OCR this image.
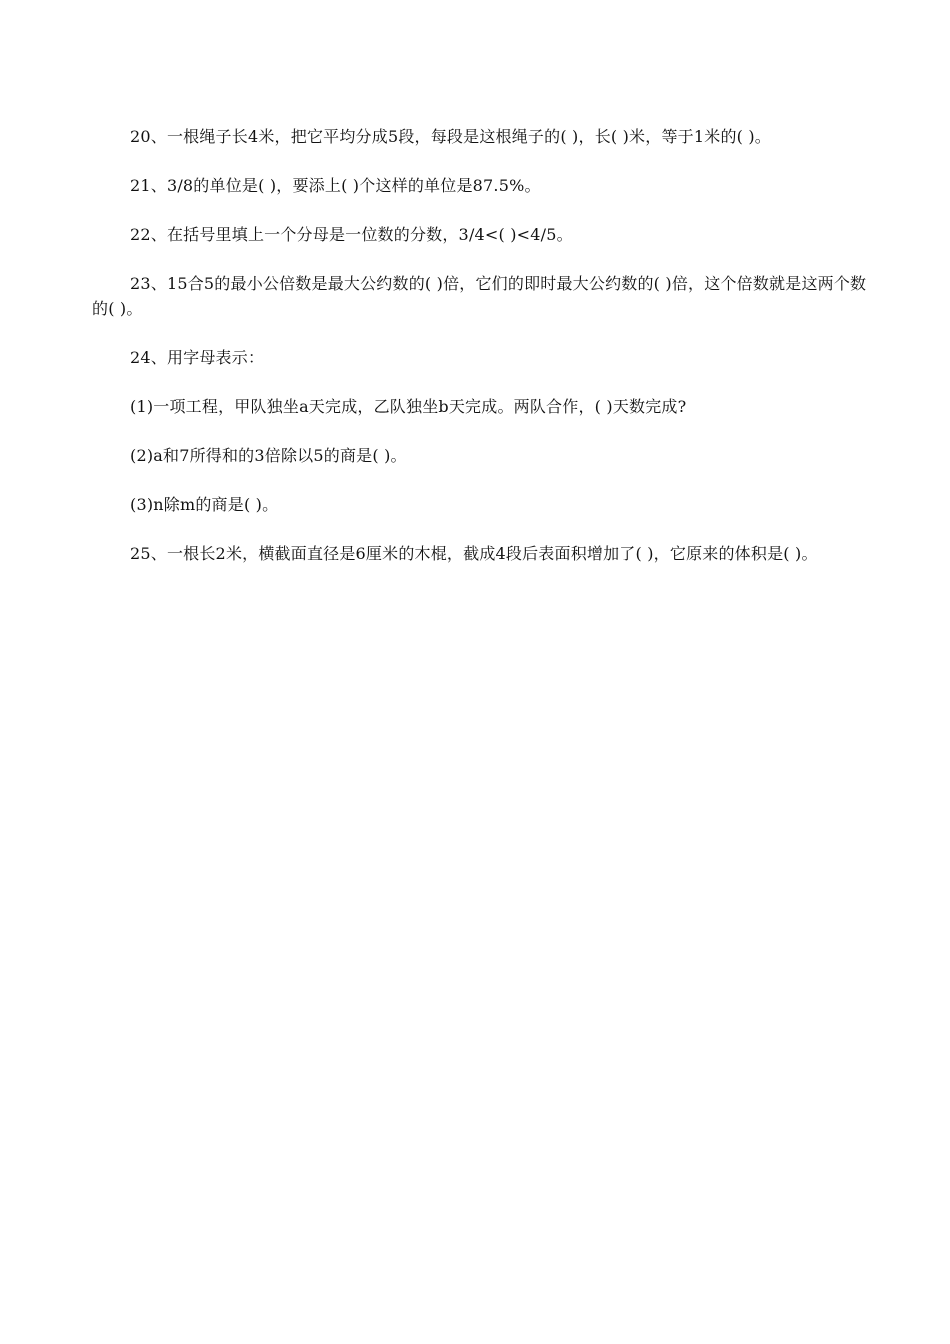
20、一根绳子长4米，把它平均分成5段，每段是这根绳子的( )，长( )米，等于1米的( )。

21、3/8的单位是( )，要添上( )个这样的单位是87.5%。

22、在括号里填上一个分母是一位数的分数，3/4<( )<4/5。

23、15合5的最小公倍数是最大公约数的( )倍，它们的即时最大公约数的( )倍，这个倍数就是这两个数的( )。

24、用字母表示：

(1)一项工程，甲队独坐a天完成，乙队独坐b天完成。两队合作，( )天数完成?

(2)a和7所得和的3倍除以5的商是( )。

(3)n除m的商是( )。

25、一根长2米，横截面直径是6厘米的木棍，截成4段后表面积增加了( )，它原来的体积是( )。
